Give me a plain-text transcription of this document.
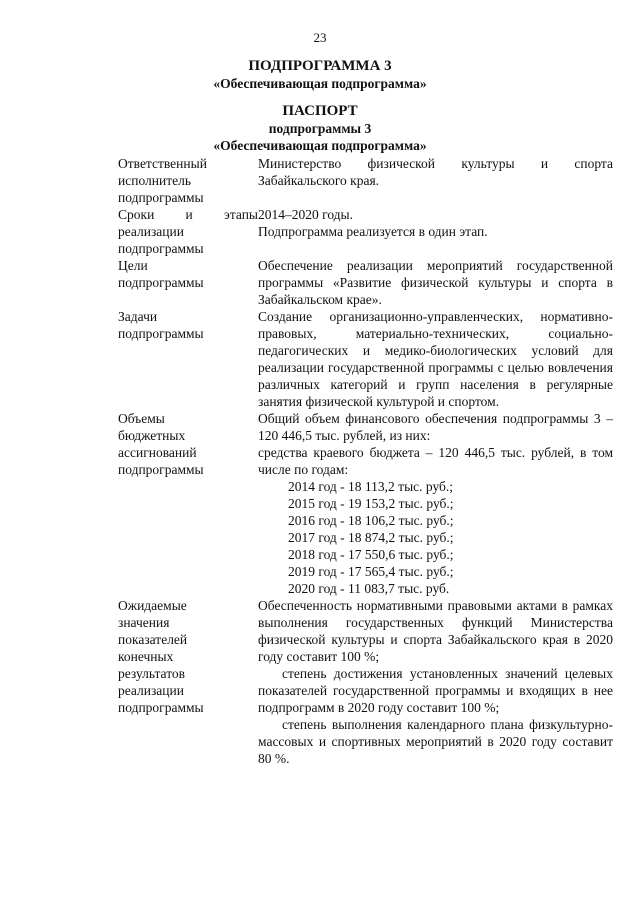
23
ПОДПРОГРАММА 3
«Обеспечивающая подпрограмма»
ПАСПОРТ
подпрограммы 3
«Обеспечивающая подпрограмма»
Ответственный
исполнитель
подпрограммы

Министерство физической культуры и спорта Забайкальского края.

Сроки и этапы
реализации
подпрограммы

2014–2020 годы.

Подпрограмма реализуется в один этап.

Цели
подпрограммы

Обеспечение реализации мероприятий государственной программы «Развитие физической культуры и спорта в Забайкальском крае».

Задачи
подпрограммы

Создание организационно-управленческих, нормативно-правовых, материально-технических, социально-педагогических и медико-биологических условий для реализации государственной программы с целью вовлечения различных категорий и групп населения в регулярные занятия физической культурой и спортом.

Объемы
бюджетных
ассигнований
подпрограммы

Общий объем финансового обеспечения подпрограммы 3 – 120 446,5 тыс. рублей, из них:

средства краевого бюджета – 120 446,5 тыс. рублей, в том числе по годам:

2014 год - 18 113,2 тыс. руб.;
2015 год - 19 153,2 тыс. руб.;
2016 год - 18 106,2 тыс. руб.;
2017 год - 18 874,2 тыс. руб.;
2018 год - 17 550,6 тыс. руб.;
2019 год - 17 565,4 тыс. руб.;
2020 год - 11 083,7 тыс. руб.
Ожидаемые
значения
показателей
конечных
результатов
реализации
подпрограммы

Обеспеченность нормативными правовыми актами в рамках выполнения государственных функций Министерства физической культуры и спорта Забайкальского края в 2020 году составит 100 %;

степень достижения установленных значений целевых показателей государственной программы и входящих в нее подпрограмм в 2020 году составит 100 %;

степень выполнения календарного плана физкультурно-массовых и спортивных мероприятий в 2020 году составит 80 %.
